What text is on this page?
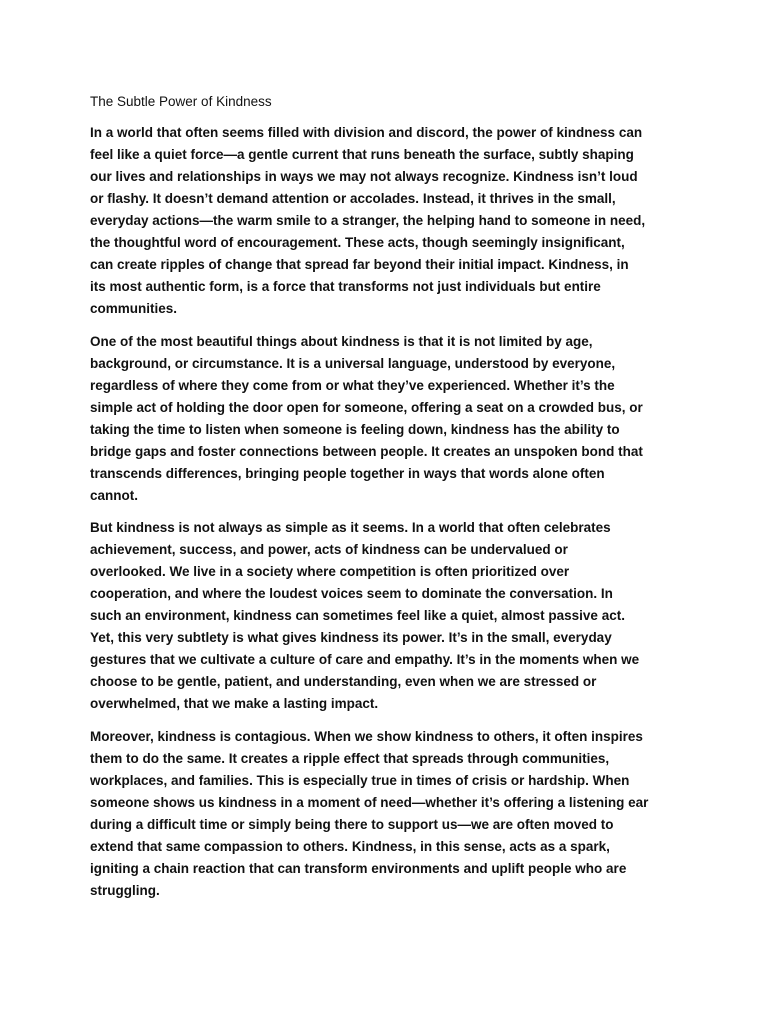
The Subtle Power of Kindness

In a world that often seems filled with division and discord, the power of kindness can
feel like a quiet force—a gentle current that runs beneath the surface, subtly shaping
our lives and relationships in ways we may not always recognize. Kindness isn’t loud
or flashy. It doesn’t demand attention or accolades. Instead, it thrives in the small,
everyday actions—the warm smile to a stranger, the helping hand to someone in need,
the thoughtful word of encouragement. These acts, though seemingly insignificant,
can create ripples of change that spread far beyond their initial impact. Kindness, in
its most authentic form, is a force that transforms not just individuals but entire
communities.

One of the most beautiful things about kindness is that it is not limited by age,
background, or circumstance. It is a universal language, understood by everyone,
regardless of where they come from or what they’ve experienced. Whether it’s the
simple act of holding the door open for someone, offering a seat on a crowded bus, or
taking the time to listen when someone is feeling down, kindness has the ability to
bridge gaps and foster connections between people. It creates an unspoken bond that
transcends differences, bringing people together in ways that words alone often
cannot.

But kindness is not always as simple as it seems. In a world that often celebrates
achievement, success, and power, acts of kindness can be undervalued or
overlooked. We live in a society where competition is often prioritized over
cooperation, and where the loudest voices seem to dominate the conversation. In
such an environment, kindness can sometimes feel like a quiet, almost passive act.
Yet, this very subtlety is what gives kindness its power. It’s in the small, everyday
gestures that we cultivate a culture of care and empathy. It’s in the moments when we
choose to be gentle, patient, and understanding, even when we are stressed or
overwhelmed, that we make a lasting impact.

Moreover, kindness is contagious. When we show kindness to others, it often inspires
them to do the same. It creates a ripple effect that spreads through communities,
workplaces, and families. This is especially true in times of crisis or hardship. When
someone shows us kindness in a moment of need—whether it’s offering a listening ear
during a difficult time or simply being there to support us—we are often moved to
extend that same compassion to others. Kindness, in this sense, acts as a spark,
igniting a chain reaction that can transform environments and uplift people who are
struggling.
